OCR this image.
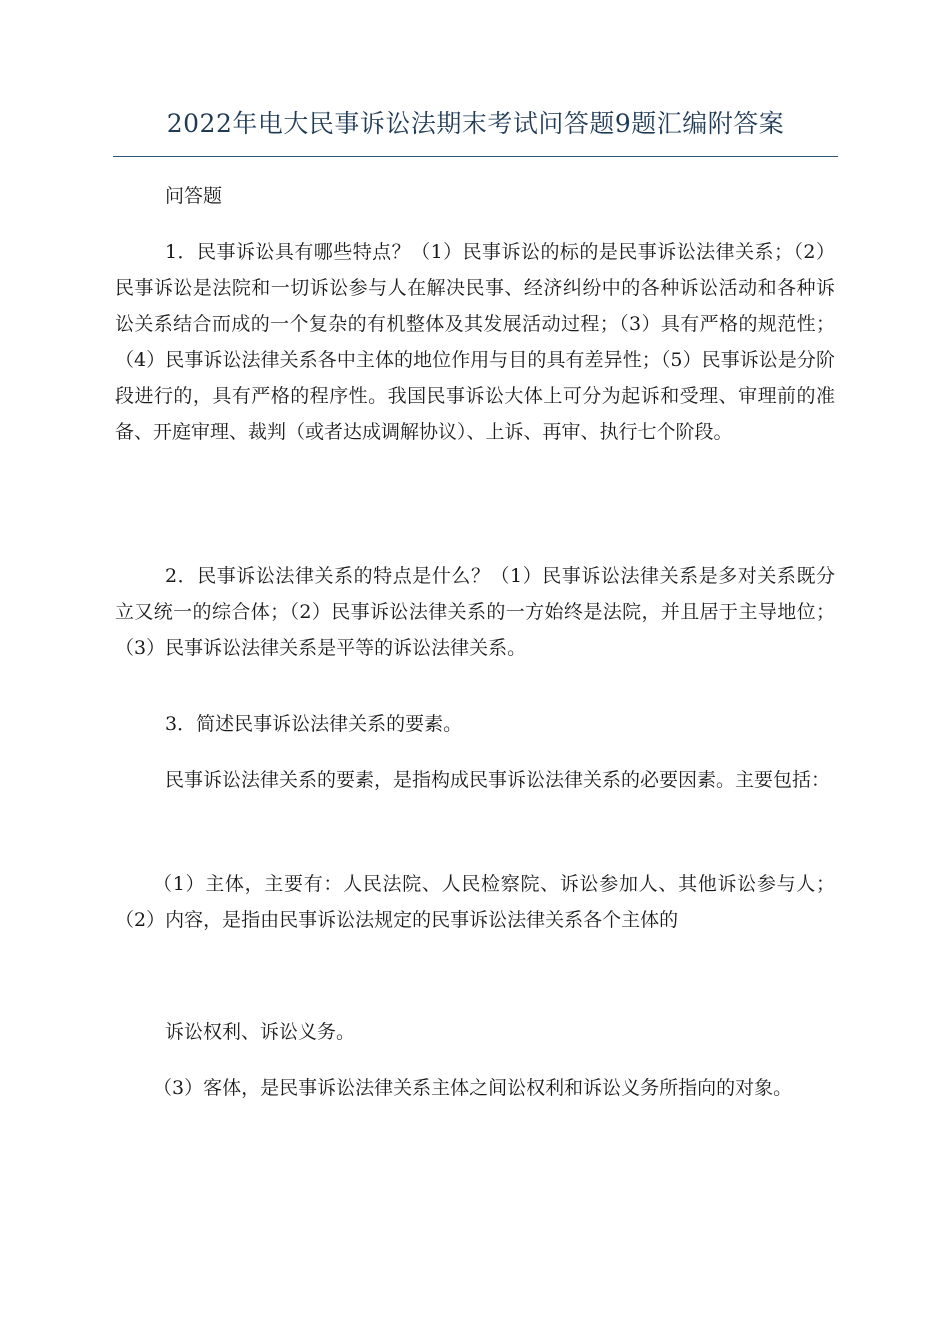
2022年电大民事诉讼法期末考试问答题9题汇编附答案

问答题

1．民事诉讼具有哪些特点？（1）民事诉讼的标的是民事诉讼法律关系；（2）民事诉讼是法院和一切诉讼参与人在解决民事、经济纠纷中的各种诉讼活动和各种诉讼关系结合而成的一个复杂的有机整体及其发展活动过程；（3）具有严格的规范性；（4）民事诉讼法律关系各中主体的地位作用与目的具有差异性；（5）民事诉讼是分阶段进行的，具有严格的程序性。我国民事诉讼大体上可分为起诉和受理、审理前的准备、开庭审理、裁判（或者达成调解协议）、上诉、再审、执行七个阶段。

2．民事诉讼法律关系的特点是什么？（1）民事诉讼法律关系是多对关系既分立又统一的综合体；（2）民事诉讼法律关系的一方始终是法院，并且居于主导地位；（3）民事诉讼法律关系是平等的诉讼法律关系。

3．简述民事诉讼法律关系的要素。

民事诉讼法律关系的要素，是指构成民事诉讼法律关系的必要因素。主要包括：

（1）主体，主要有：人民法院、人民检察院、诉讼参加人、其他诉讼参与人；（2）内容，是指由民事诉讼法规定的民事诉讼法律关系各个主体的

诉讼权利、诉讼义务。

（3）客体，是民事诉讼法律关系主体之间讼权利和诉讼义务所指向的对象。
